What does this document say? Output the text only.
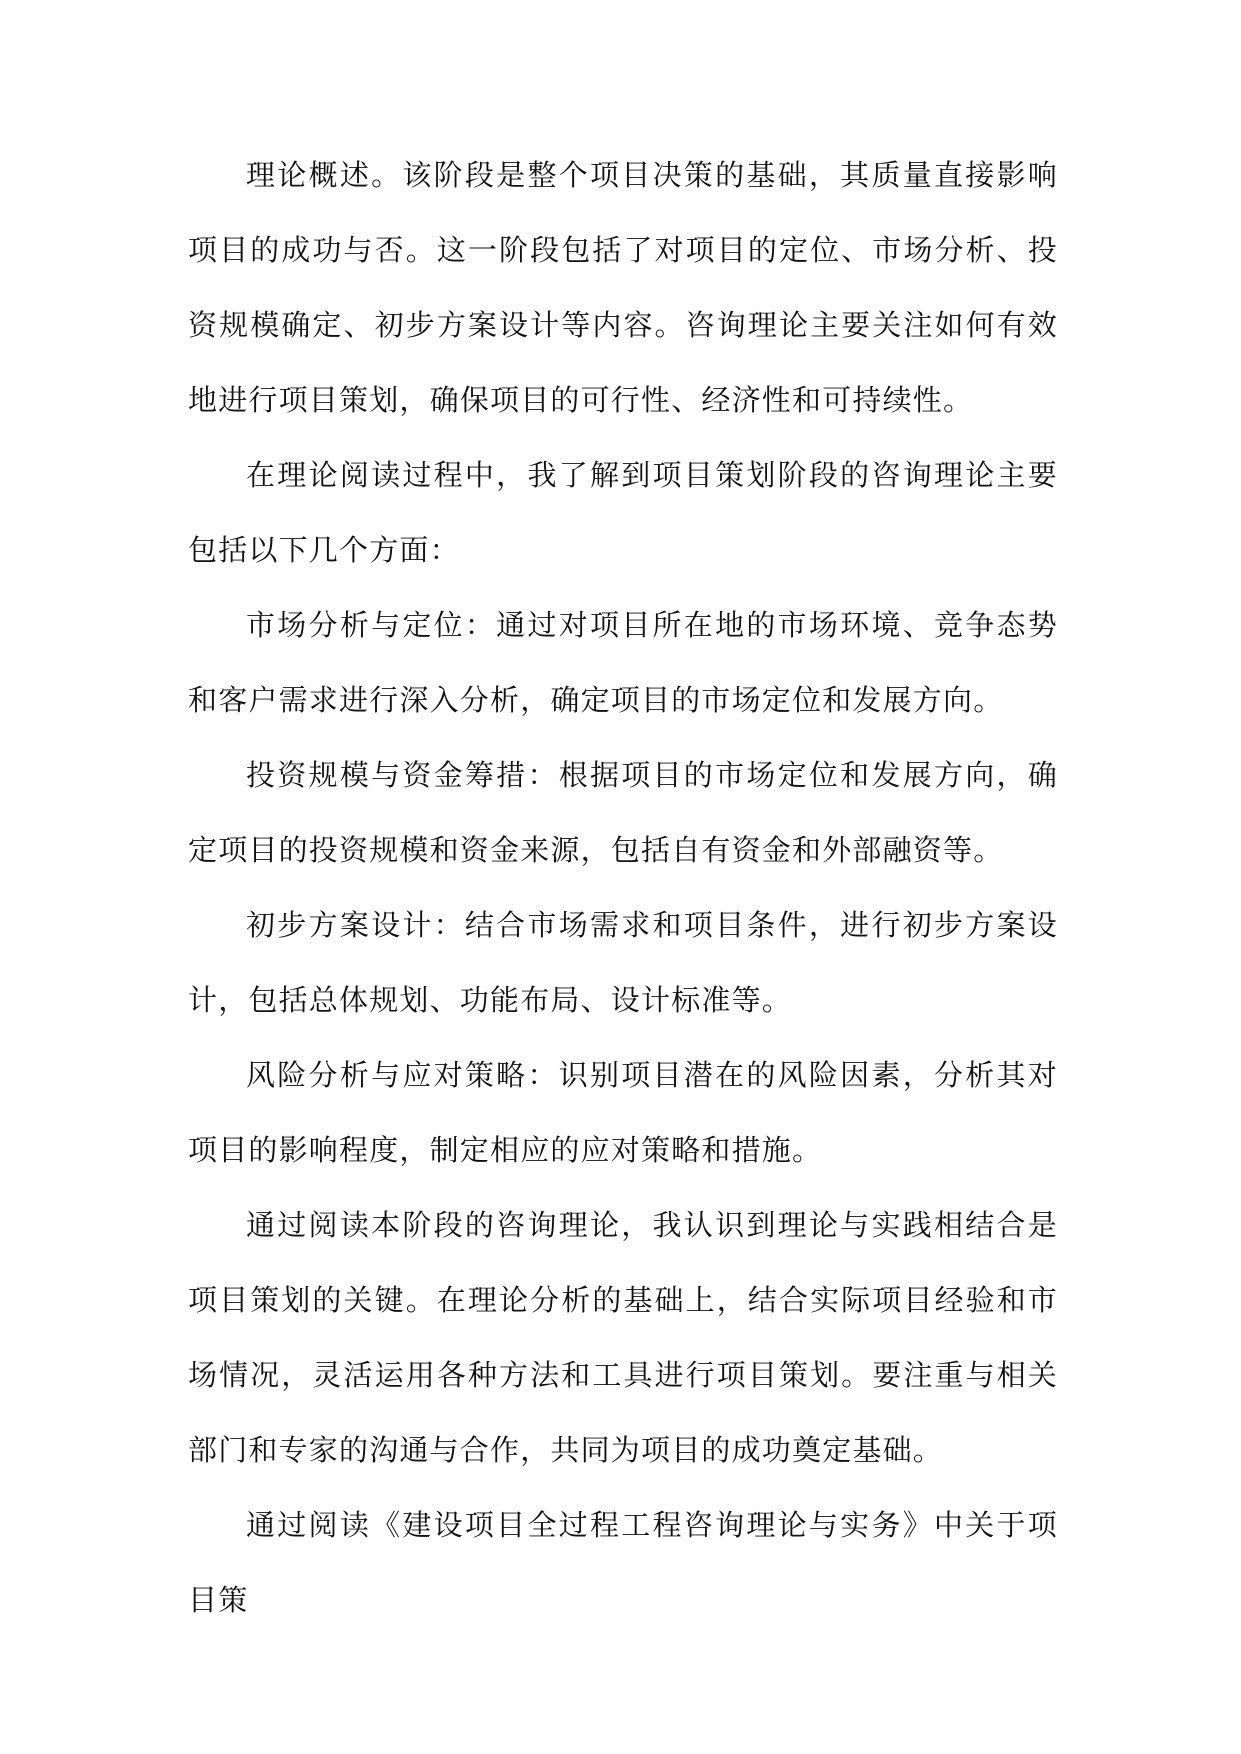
理论概述。该阶段是整个项目决策的基础，其质量直接影响项目的成功与否。这一阶段包括了对项目的定位、市场分析、投资规模确定、初步方案设计等内容。咨询理论主要关注如何有效地进行项目策划，确保项目的可行性、经济性和可持续性。

在理论阅读过程中，我了解到项目策划阶段的咨询理论主要包括以下几个方面：

市场分析与定位：通过对项目所在地的市场环境、竞争态势和客户需求进行深入分析，确定项目的市场定位和发展方向。

投资规模与资金筹措：根据项目的市场定位和发展方向，确定项目的投资规模和资金来源，包括自有资金和外部融资等。

初步方案设计：结合市场需求和项目条件，进行初步方案设计，包括总体规划、功能布局、设计标准等。

风险分析与应对策略：识别项目潜在的风险因素，分析其对项目的影响程度，制定相应的应对策略和措施。

通过阅读本阶段的咨询理论，我认识到理论与实践相结合是项目策划的关键。在理论分析的基础上，结合实际项目经验和市场情况，灵活运用各种方法和工具进行项目策划。要注重与相关部门和专家的沟通与合作，共同为项目的成功奠定基础。

通过阅读《建设项目全过程工程咨询理论与实务》中关于项目策
